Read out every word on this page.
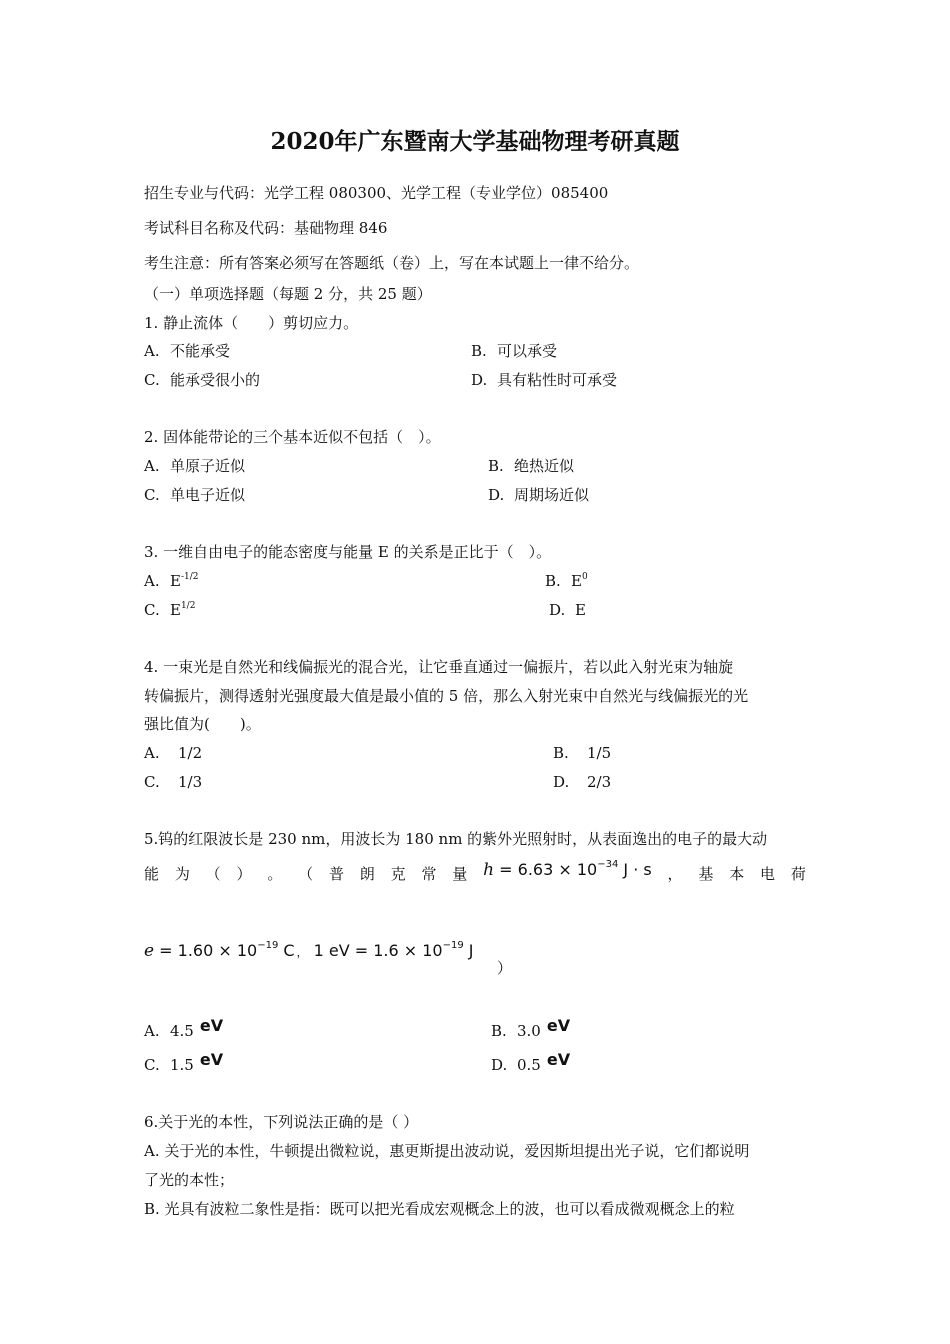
2020年广东暨南大学基础物理考研真题
招生专业与代码：光学工程 080300、光学工程（专业学位）085400
考试科目名称及代码：基础物理 846
考生注意：所有答案必须写在答题纸（卷）上，写在本试题上一律不给分。
（一）单项选择题（每题 2 分，共 25 题）
1. 静止流体（　　）剪切应力。
A. 不能承受	B. 可以承受
C. 能承受很小的	D. 具有粘性时可承受
2. 固体能带论的三个基本近似不包括（　）。
A. 单原子近似	B. 绝热近似
C. 单电子近似	D. 周期场近似
3. 一维自由电子的能态密度与能量 E 的关系是正比于（　）。
A. $E^{-1/2}$	B. $E^0$
C. $E^{1/2}$	D. E
4. 一束光是自然光和线偏振光的混合光，让它垂直通过一偏振片，若以此入射光束为轴旋
转偏振片，测得透射光强度最大值是最小值的 5 倍，那么入射光束中自然光与线偏振光的光
强比值为(　　)。
A. 1/2	B. 1/5
C. 1/3	D. 2/3
5.钨的红限波长是 230 nm，用波长为 180 nm 的紫外光照射时，从表面逸出的电子的最大动
能 为 （ ） 。 （ 普 朗 克 常 量 $h = 6.63 \times 10^{-34}$ J · s ， 基 本 电 荷
$e = 1.60 \times 10^{-19}$ C ， 1 eV = $1.6 \times 10^{-19}$ J
）
A. 4.5 eV	B. 3.0 eV
C. 1.5 eV	D. 0.5 eV
6.关于光的本性，下列说法正确的是（ ）
A. 关于光的本性，牛顿提出微粒说，惠更斯提出波动说，爱因斯坦提出光子说，它们都说明
了光的本性；
B. 光具有波粒二象性是指：既可以把光看成宏观概念上的波，也可以看成微观概念上的粒
